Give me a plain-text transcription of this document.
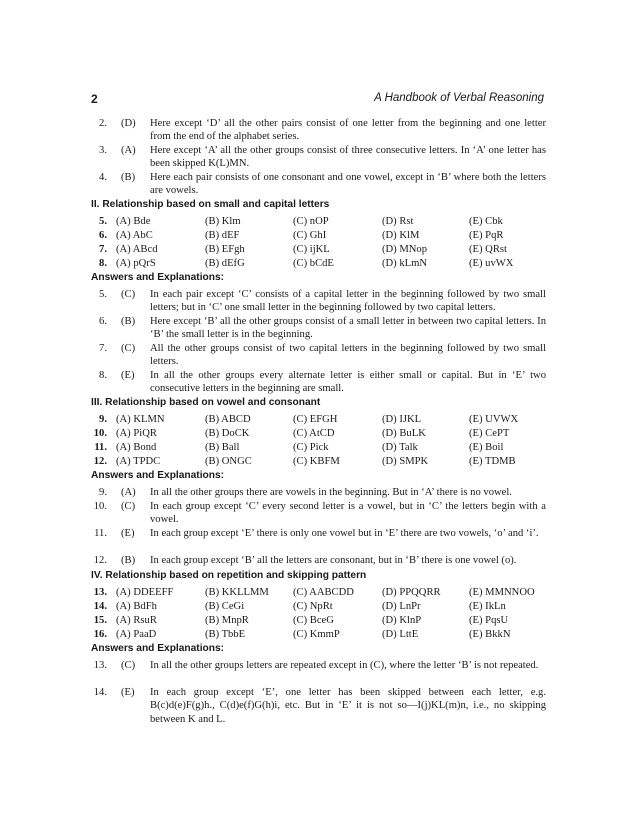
2	A Handbook of Verbal Reasoning
2. (D) Here except ‘D’ all the other pairs consist of one letter from the beginning and one letter from the end of the alphabet series.
3. (A) Here except ‘A’ all the other groups consist of three consecutive letters. In ‘A’ one letter has been skipped K(L)MN.
4. (B) Here each pair consists of one consonant and one vowel, except in ‘B’ where both the letters are vowels.
II. Relationship based on small and capital letters
5. (A) Bde	(B) Klm	(C) nOP	(D) Rst	(E) Cbk
6. (A) AbC	(B) dEF	(C) GhI	(D) KlM	(E) PqR
7. (A) ABcd	(B) EFgh	(C) ijKL	(D) MNop	(E) QRst
8. (A) pQrS	(B) dEfG	(C) bCdE	(D) kLmN	(E) uvWX
Answers and Explanations:
5. (C) In each pair except ‘C’ consists of a capital letter in the beginning followed by two small letters; but in ‘C’ one small letter in the beginning followed by two capital letters.
6. (B) Here except ‘B’ all the other groups consist of a small letter in between two capital letters. In ‘B’ the small letter is in the beginning.
7. (C) All the other groups consist of two capital letters in the beginning followed by two small letters.
8. (E) In all the other groups every alternate letter is either small or capital. But in ‘E’ two consecutive letters in the beginning are small.
III. Relationship based on vowel and consonant
9. (A) KLMN	(B) ABCD	(C) EFGH	(D) IJKL	(E) UVWX
10. (A) PiQR	(B) DoCK	(C) AtCD	(D) BuLK	(E) CePT
11. (A) Bond	(B) Ball	(C) Pick	(D) Talk	(E) Boil
12. (A) TPDC	(B) ONGC	(C) KBFM	(D) SMPK	(E) TDMB
Answers and Explanations:
9. (A) In all the other groups there are vowels in the beginning. But in ‘A’ there is no vowel.
10. (C) In each group except ‘C’ every second letter is a vowel, but in ‘C’ the letters begin with a vowel.
11. (E) In each group except ‘E’ there is only one vowel but in ‘E’ there are two vowels, ‘o’ and ‘i’.
12. (B) In each group except ‘B’ all the letters are consonant, but in ‘B’ there is one vowel (o).
IV. Relationship based on repetition and skipping pattern
13. (A) DDEEFF	(B) KKLLMM (C) AABCDD	(D) PPQQRR	(E) MMNNOO
14. (A) BdFh	(B) CeGi	(C) NpRt	(D) LnPr	(E) IkLn
15. (A) RsuR	(B) MnpR	(C) BceG	(D) KlnP	(E) PqsU
16. (A) PaaD	(B) TbbE	(C) KmmP	(D) LttE	(E) BkkN
Answers and Explanations:
13. (C) In all the other groups letters are repeated except in (C), where the letter ‘B’ is not repeated.
14. (E) In each group except ‘E’, one letter has been skipped between each letter, e.g. B(c)d(e)F(g)h., C(d)e(f)G(h)i, etc. But in ‘E’ it is not so—I(j)KL(m)n, i.e., no skipping between K and L.
